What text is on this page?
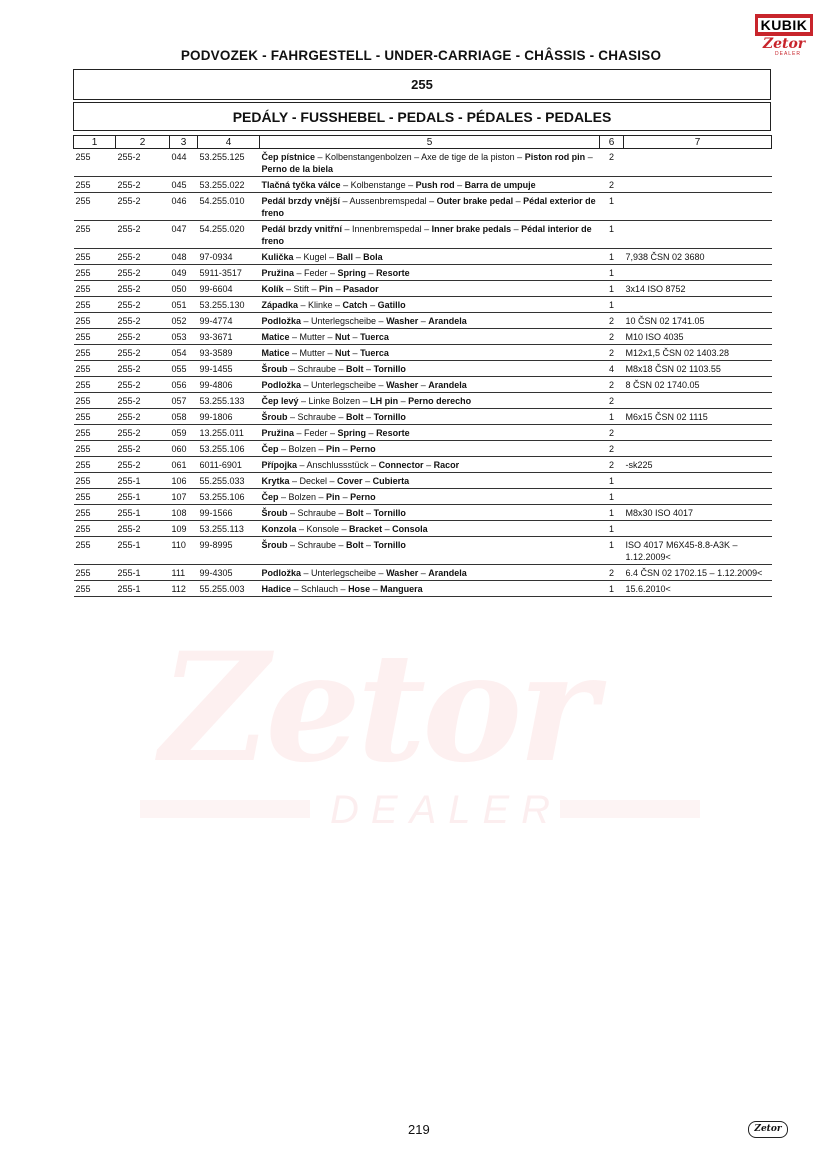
Zetor
DEALER
KUBIK
Zetor
DEALER
PODVOZEK - FAHRGESTELL - UNDER-CARRIAGE - CHÂSSIS - CHASISO
255
PEDÁLY - FUSSHEBEL - PEDALS - PÉDALES - PEDALES
1	2	3	4	5	6	7
255	255-2	044	53.255.125	Čep pístnice – Kolbenstangenbolzen – Axe de tige de la piston – Piston rod pin – Perno de la biela	2	
255	255-2	045	53.255.022	Tlačná tyčka válce – Kolbenstange – Push rod – Barra de umpuje	2	
255	255-2	046	54.255.010	Pedál brzdy vnější – Aussenbremspedal – Outer brake pedal – Pédal exterior de freno	1	
255	255-2	047	54.255.020	Pedál brzdy vnitřní – Innenbremspedal – Inner brake pedals – Pédal interior de freno	1	
255	255-2	048	97-0934	Kulička – Kugel – Ball – Bola	1	7,938 ČSN 02 3680
255	255-2	049	5911-3517	Pružina – Feder – Spring – Resorte	1	
255	255-2	050	99-6604	Kolík – Stift – Pin – Pasador	1	3x14 ISO 8752
255	255-2	051	53.255.130	Západka – Klinke – Catch – Gatillo	1	
255	255-2	052	99-4774	Podložka – Unterlegscheibe – Washer – Arandela	2	10 ČSN 02 1741.05
255	255-2	053	93-3671	Matice – Mutter – Nut – Tuerca	2	M10 ISO 4035
255	255-2	054	93-3589	Matice – Mutter – Nut – Tuerca	2	M12x1,5 ČSN 02 1403.28
255	255-2	055	99-1455	Šroub – Schraube – Bolt – Tornillo	4	M8x18 ČSN 02 1103.55
255	255-2	056	99-4806	Podložka – Unterlegscheibe – Washer – Arandela	2	8 ČSN 02 1740.05
255	255-2	057	53.255.133	Čep levý – Linke Bolzen – LH pin – Perno derecho	2	
255	255-2	058	99-1806	Šroub – Schraube – Bolt – Tornillo	1	M6x15 ČSN 02 1115
255	255-2	059	13.255.011	Pružina – Feder – Spring – Resorte	2	
255	255-2	060	53.255.106	Čep – Bolzen – Pin – Perno	2	
255	255-2	061	6011-6901	Přípojka – Anschlussstück – Connector – Racor	2	-sk225
255	255-1	106	55.255.033	Krytka – Deckel – Cover – Cubierta	1	
255	255-1	107	53.255.106	Čep – Bolzen – Pin – Perno	1	
255	255-1	108	99-1566	Šroub – Schraube – Bolt – Tornillo	1	M8x30 ISO 4017
255	255-2	109	53.255.113	Konzola – Konsole – Bracket – Consola	1	
255	255-1	110	99-8995	Šroub – Schraube – Bolt – Tornillo	1	ISO 4017 M6X45-8.8-A3K – 1.12.2009<
255	255-1	111	99-4305	Podložka – Unterlegscheibe – Washer – Arandela	2	6.4 ČSN 02 1702.15 – 1.12.2009<
255	255-1	112	55.255.003	Hadice – Schlauch – Hose – Manguera	1	15.6.2010<
219	Zetor
